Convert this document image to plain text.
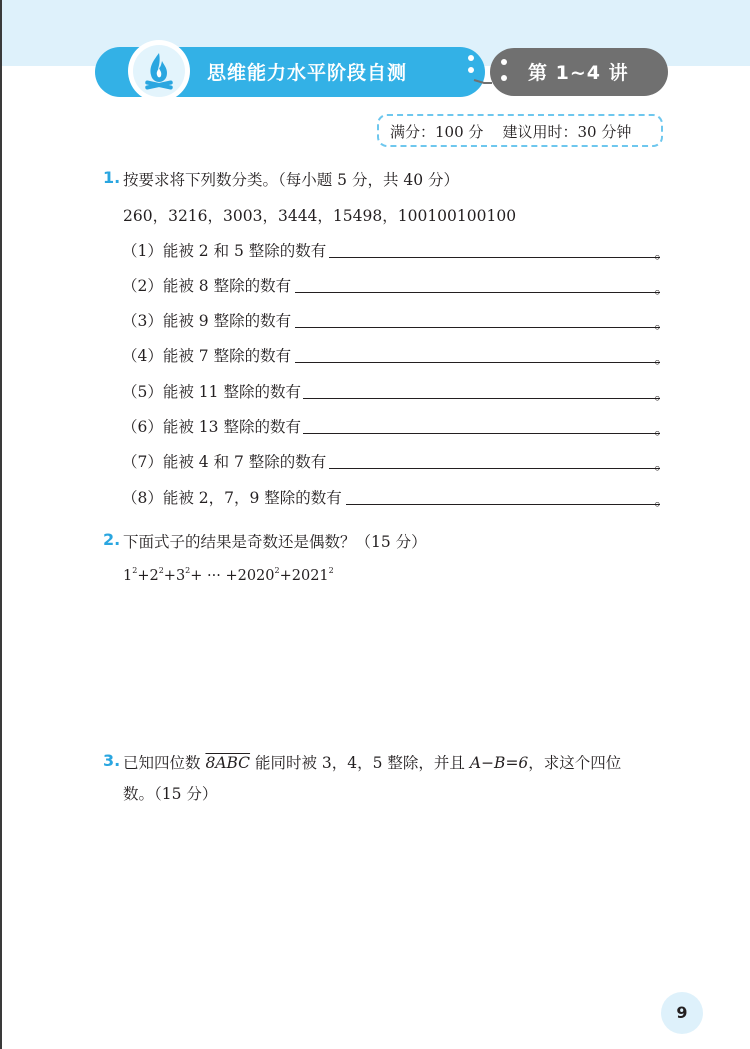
思维能力水平阶段自测	第 1~4 讲
满分：100 分    建议用时：30 分钟
1. 按要求将下列数分类。（每小题 5 分，共 40 分）
260，3216，3003，3444，15498，100100100100
（1）能被 2 和 5 整除的数有	。
（2）能被 8 整除的数有	。
（3）能被 9 整除的数有	。
（4）能被 7 整除的数有	。
（5）能被 11 整除的数有	。
（6）能被 13 整除的数有	。
（7）能被 4 和 7 整除的数有	。
（8）能被 2，7，9 整除的数有	。
2. 下面式子的结果是奇数还是偶数？（15 分）
$1^2+2^2+3^2+$ ··· $+2020^2+2021^2$
3. 已知四位数 8ABC 能同时被 3，4，5 整除，并且 A−B=6，求这个四位
数。（15 分）
9
